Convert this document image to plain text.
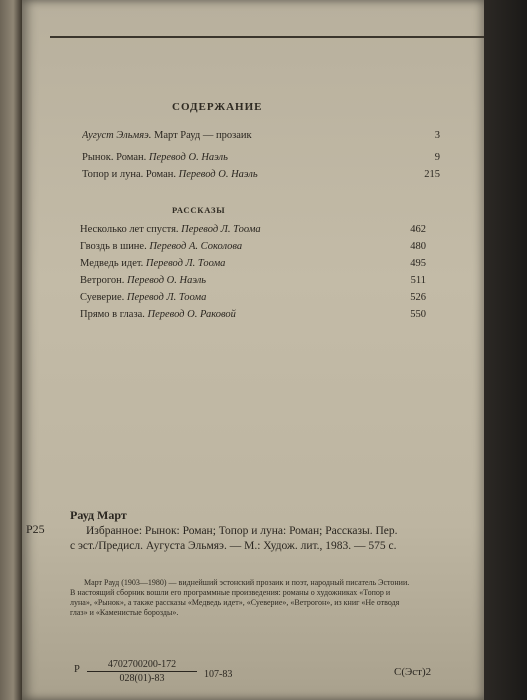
СОДЕРЖАНИЕ
Аугуст Эльмяэ. Март Рауд — прозаик	3
Рынок. Роман. Перевод О. Наэль	9
Топор и луна. Роман. Перевод О. Наэль	215
РАССКАЗЫ
Несколько лет спустя. Перевод Л. Тоома	462
Гвоздь в шине. Перевод А. Соколова	480
Медведь идет. Перевод Л. Тоома	495
Ветрогон. Перевод О. Наэль	511
Суеверие. Перевод Л. Тоома	526
Прямо в глаза. Перевод О. Раковой	550
Р25
Рауд Март
Избранное: Рынок: Роман; Топор и луна: Роман; Рассказы. Пер. с эст./Предисл. Аугуста Эльмяэ. — М.: Худож. лит., 1983. — 575 с.
Март Рауд (1903—1980) — виднейший эстонский прозаик и поэт, народный писатель Эстонии. В настоящий сборник вошли его программные произведения: романы о художниках «Топор и луна», «Рынок», а также рассказы «Медведь идет», «Суеверие», «Ветрогон», из книг «Не отводя глаз» и «Каменистые борозды».
Р $\frac{4702700200-172}{028(01)-83} 107-83$	С(Эст)2
